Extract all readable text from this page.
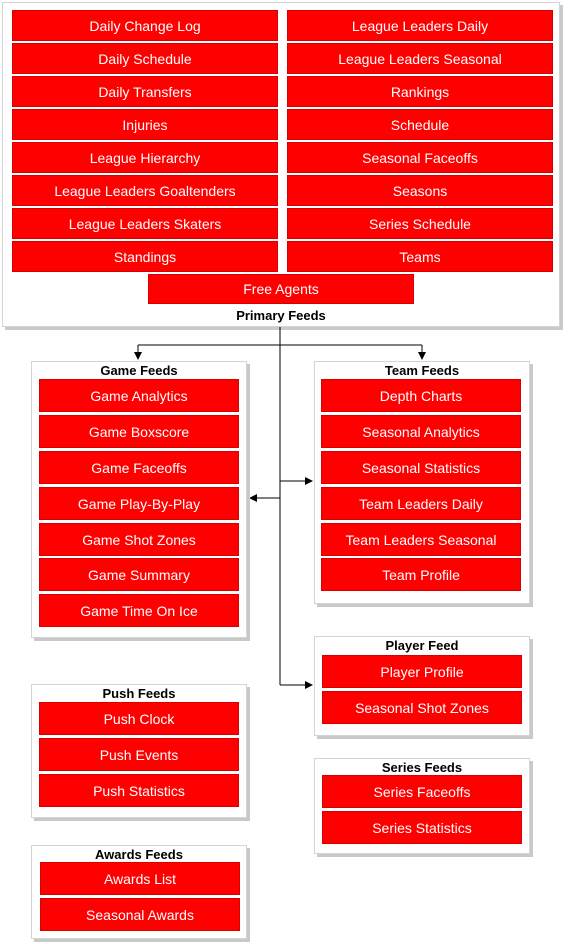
Daily Change Log
Daily Schedule
Daily Transfers
Injuries
League Hierarchy
League Leaders Goaltenders
League Leaders Skaters
Standings
League Leaders Daily
League Leaders Seasonal
Rankings
Schedule
Seasonal Faceoffs
Seasons
Series Schedule
Teams
Free Agents
Primary Feeds
Game Feeds
Game Analytics
Game Boxscore
Game Faceoffs
Game Play-By-Play
Game Shot Zones
Game Summary
Game Time On Ice
Team Feeds
Depth Charts
Seasonal Analytics
Seasonal Statistics
Team Leaders Daily
Team Leaders Seasonal
Team Profile
Player Feed
Player Profile
Seasonal Shot Zones
Push Feeds
Push Clock
Push Events
Push Statistics
Series Feeds
Series Faceoffs
Series Statistics
Awards Feeds
Awards List
Seasonal Awards
